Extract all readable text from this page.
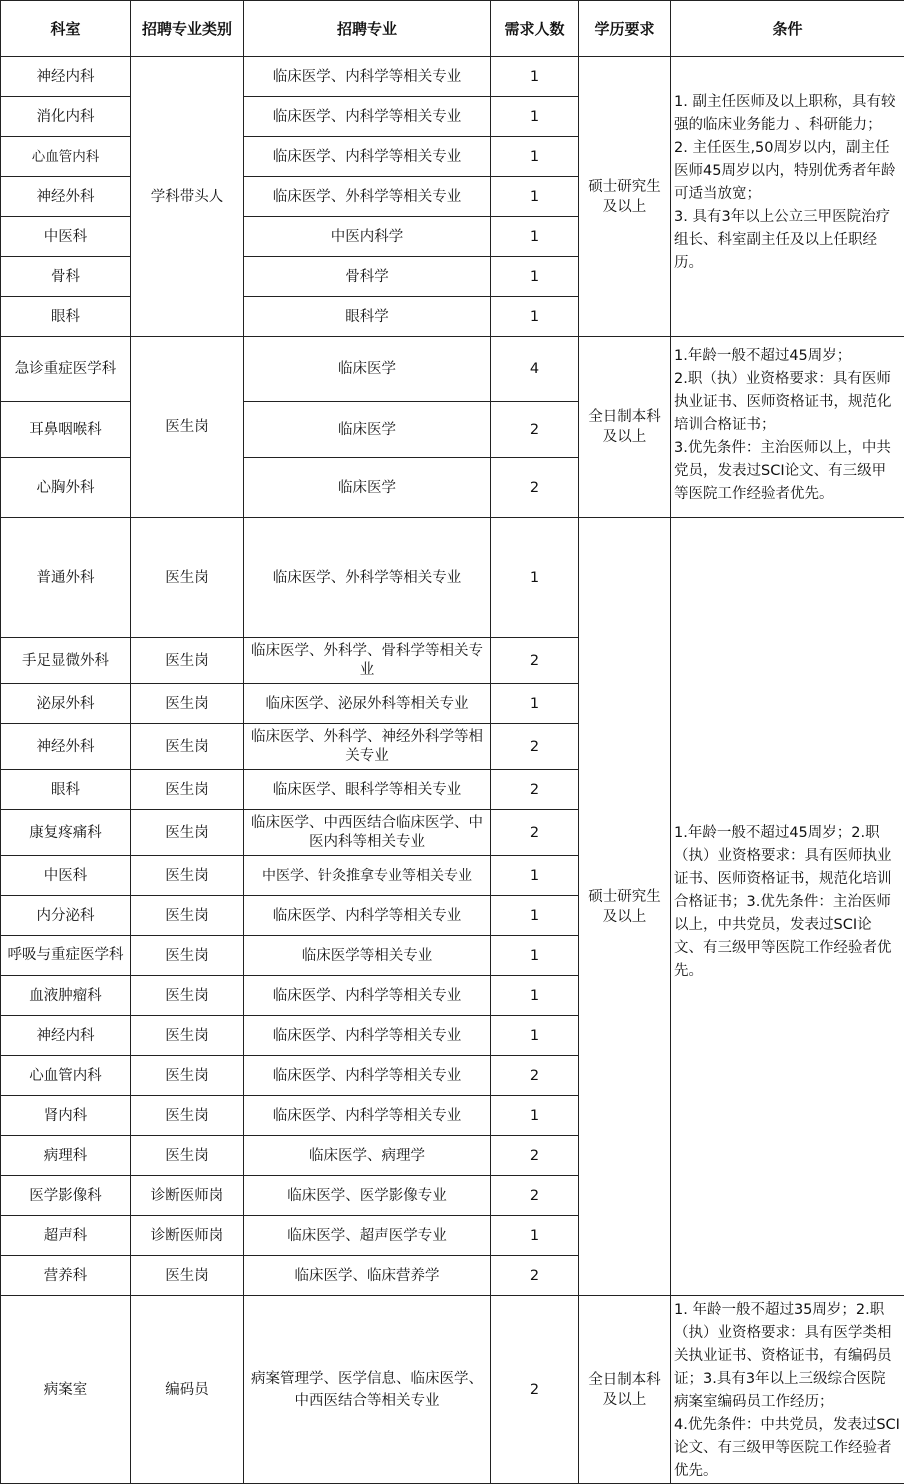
科室	招聘专业类别	招聘专业	需求人数	学历要求	条件
神经内科	学科带头人	临床医学、内科学等相关专业	1	硕士研究生及以上	1. 副主任医师及以上职称，具有较强的临床业务能力 、科研能力；
2. 主任医生,50周岁以内，副主任医师45周岁以内，特别优秀者年龄可适当放宽；
3. 具有3年以上公立三甲医院治疗组长、科室副主任及以上任职经历。
消化内科		临床医学、内科学等相关专业	1		
心血管内科		临床医学、内科学等相关专业	1		
神经外科		临床医学、外科学等相关专业	1		
中医科		中医内科学	1		
骨科		骨科学	1		
眼科		眼科学	1		
急诊重症医学科	医生岗	临床医学	4	全日制本科及以上	1.年龄一般不超过45周岁；
2.职（执）业资格要求：具有医师执业证书、医师资格证书，规范化培训合格证书；
3.优先条件：主治医师以上，中共党员，发表过SCI论文、有三级甲等医院工作经验者优先。
耳鼻咽喉科		临床医学	2		
心胸外科		临床医学	2		
普通外科	医生岗	临床医学、外科学等相关专业	1	硕士研究生及以上	1.年龄一般不超过45周岁；2.职（执）业资格要求：具有医师执业证书、医师资格证书，规范化培训合格证书；3.优先条件：主治医师以上，中共党员，发表过SCI论文、有三级甲等医院工作经验者优先。
手足显微外科	医生岗	临床医学、外科学、骨科学等相关专业	2		
泌尿外科	医生岗	临床医学、泌尿外科等相关专业	1		
神经外科	医生岗	临床医学、外科学、神经外科学等相关专业	2		
眼科	医生岗	临床医学、眼科学等相关专业	2		
康复疼痛科	医生岗	临床医学、中西医结合临床医学、中医内科等相关专业	2		
中医科	医生岗	中医学、针灸推拿专业等相关专业	1		
内分泌科	医生岗	临床医学、内科学等相关专业	1		
呼吸与重症医学科	医生岗	临床医学等相关专业	1		
血液肿瘤科	医生岗	临床医学、内科学等相关专业	1		
神经内科	医生岗	临床医学、内科学等相关专业	1		
心血管内科	医生岗	临床医学、内科学等相关专业	2		
肾内科	医生岗	临床医学、内科学等相关专业	1		
病理科	医生岗	临床医学、病理学	2		
医学影像科	诊断医师岗	临床医学、医学影像专业	2		
超声科	诊断医师岗	临床医学、超声医学专业	1		
营养科	医生岗	临床医学、临床营养学	2		
病案室	编码员	病案管理学、医学信息、临床医学、中西医结合等相关专业	2	全日制本科及以上	1. 年龄一般不超过35周岁；2.职（执）业资格要求：具有医学类相关执业证书、资格证书，有编码员证；3.具有3年以上三级综合医院病案室编码员工作经历；
4.优先条件：中共党员，发表过SCI论文、有三级甲等医院工作经验者优先。
